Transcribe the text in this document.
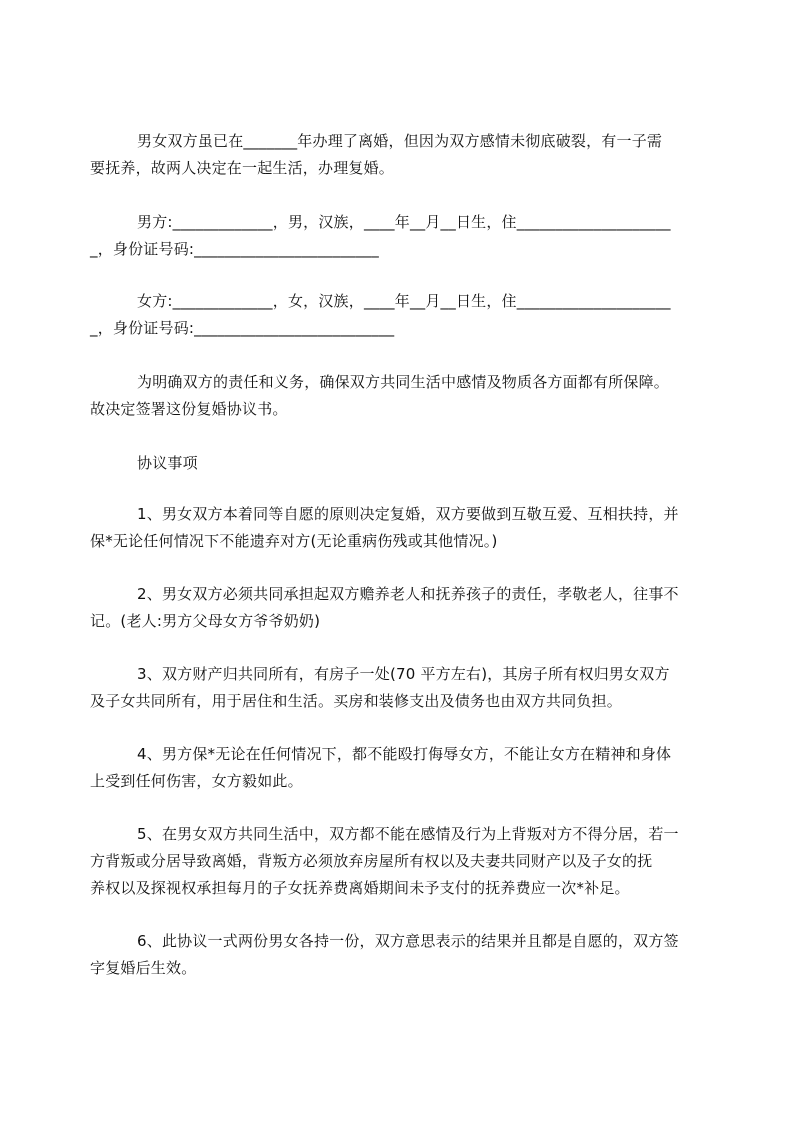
男女双方虽已在_______年办理了离婚，但因为双方感情未彻底破裂，有一子需
要抚养，故两人决定在一起生活，办理复婚。
男方:_____________，男，汉族，____年__月__日生，住____________________
_，身份证号码:________________________
女方:_____________，女，汉族，____年__月__日生，住____________________
_，身份证号码:__________________________
为明确双方的责任和义务，确保双方共同生活中感情及物质各方面都有所保障。
故决定签署这份复婚协议书。
协议事项
1、男女双方本着同等自愿的原则决定复婚，双方要做到互敬互爱、互相扶持，并
保*无论任何情况下不能遗弃对方(无论重病伤残或其他情况。)
2、男女双方必须共同承担起双方赡养老人和抚养孩子的责任，孝敬老人，往事不
记。(老人:男方父母女方爷爷奶奶)
3、双方财产归共同所有，有房子一处(70 平方左右)，其房子所有权归男女双方
及子女共同所有，用于居住和生活。买房和装修支出及债务也由双方共同负担。
4、男方保*无论在任何情况下，都不能殴打侮辱女方，不能让女方在精神和身体
上受到任何伤害，女方毅如此。
5、在男女双方共同生活中，双方都不能在感情及行为上背叛对方不得分居，若一
方背叛或分居导致离婚，背叛方必须放弃房屋所有权以及夫妻共同财产以及子女的抚
养权以及探视权承担每月的子女抚养费离婚期间未予支付的抚养费应一次*补足。
6、此协议一式两份男女各持一份，双方意思表示的结果并且都是自愿的，双方签
字复婚后生效。
